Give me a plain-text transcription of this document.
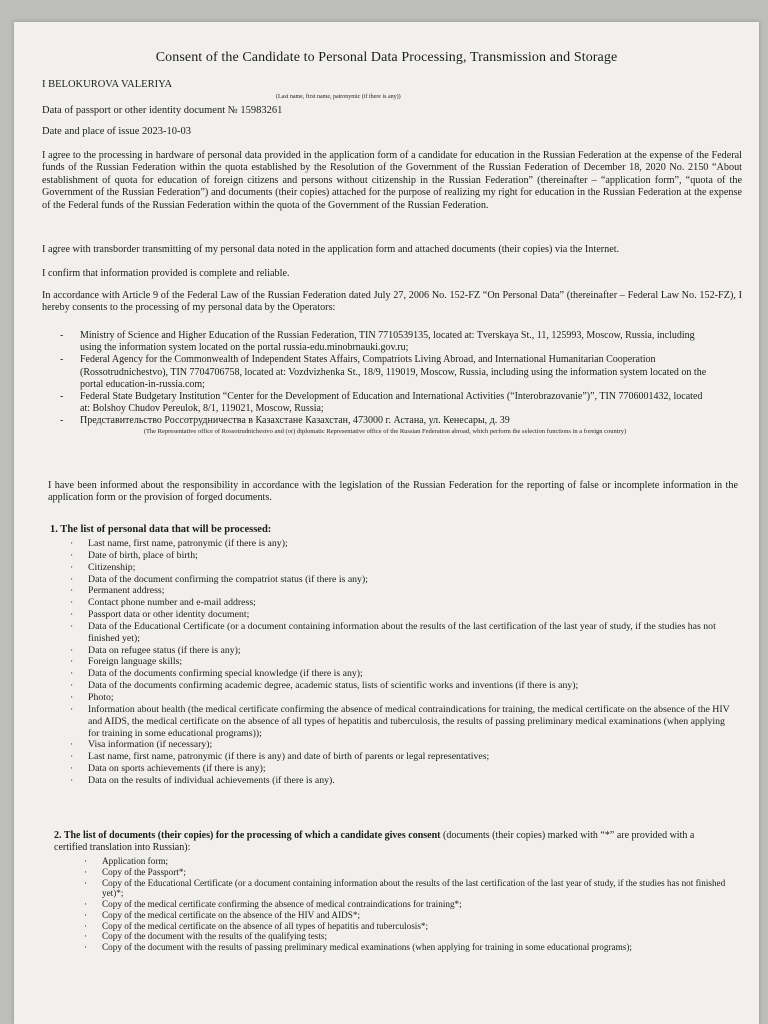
Consent of the Candidate to Personal Data Processing, Transmission and Storage
I BELOKUROVA VALERIYA
(Last name, first name, patronymic (if there is any))
Data of passport or other identity document № 15983261
Date and place of issue 2023-10-03
I agree to the processing in hardware of personal data provided in the application form of a candidate for education in the Russian Federation at the expense of the Federal funds of the Russian Federation within the quota established by the Resolution of the Government of the Russian Federation of December 18, 2020 No. 2150 “About establishment of quota for education of foreign citizens and persons without citizenship in the Russian Federation” (thereinafter – “application form”, “quota of the Government of the Russian Federation”) and documents (their copies) attached for the purpose of realizing my right for education in the Russian Federation at the expense of the Federal funds of the Russian Federation within the quota of the Government of the Russian Federation.
I agree with transborder transmitting of my personal data noted in the application form and attached documents (their copies) via the Internet.
I confirm that information provided is complete and reliable.
In accordance with Article 9 of the Federal Law of the Russian Federation dated July 27, 2006 No. 152-FZ “On Personal Data” (thereinafter – Federal Law No. 152-FZ), I hereby consents to the processing of my personal data by the Operators:
- Ministry of Science and Higher Education of the Russian Federation, TIN 7710539135, located at: Tverskaya St., 11, 125993, Moscow, Russia, including using the information system located on the portal russia-edu.minobrnauki.gov.ru;
- Federal Agency for the Commonwealth of Independent States Affairs, Compatriots Living Abroad, and International Humanitarian Cooperation (Rossotrudnichestvo), TIN 7704706758, located at: Vozdvizhenka St., 18/9, 119019, Moscow, Russia, including using the information system located on the portal education-in-russia.com;
- Federal State Budgetary Institution “Center for the Development of Education and International Activities (“Interobrazovanie”)”, TIN 7706001432, located at: Bolshoy Chudov Pereulok, 8/1, 119021, Moscow, Russia;
- Представительство Россотрудничества в Казахстане Казахстан, 473000 г. Астана, ул. Кенесары, д. 39
(The Representative office of Rossotrudnichestvo and (or) diplomatic Representative office of the Russian Federation abroad, which perform the selection functions in a foreign country)
I have been informed about the responsibility in accordance with the legislation of the Russian Federation for the reporting of false or incomplete information in the application form or the provision of forged documents.
1. The list of personal data that will be processed:
· Last name, first name, patronymic (if there is any);
· Date of birth, place of birth;
· Citizenship;
· Data of the document confirming the compatriot status (if there is any);
· Permanent address;
· Contact phone number and e-mail address;
· Passport data or other identity document;
· Data of the Educational Certificate (or a document containing information about the results of the last certification of the last year of study, if the studies has not finished yet);
· Data on refugee status (if there is any);
· Foreign language skills;
· Data of the documents confirming special knowledge (if there is any);
· Data of the documents confirming academic degree, academic status, lists of scientific works and inventions (if there is any);
· Photo;
· Information about health (the medical certificate confirming the absence of medical contraindications for training, the medical certificate on the absence of the HIV and AIDS, the medical certificate on the absence of all types of hepatitis and tuberculosis, the results of passing preliminary medical examinations (when applying for training in some educational programs));
· Visa information (if necessary);
· Last name, first name, patronymic (if there is any) and date of birth of parents or legal representatives;
· Data on sports achievements (if there is any);
· Data on the results of individual achievements (if there is any).
2. The list of documents (their copies) for the processing of which a candidate gives consent (documents (their copies) marked with “*” are provided with a certified translation into Russian):
· Application form;
· Copy of the Passport*;
· Copy of the Educational Certificate (or a document containing information about the results of the last certification of the last year of study, if the studies has not finished yet)*;
· Copy of the medical certificate confirming the absence of medical contraindications for training*;
· Copy of the medical certificate on the absence of the HIV and AIDS*;
· Copy of the medical certificate on the absence of all types of hepatitis and tuberculosis*;
· Copy of the document with the results of the qualifying tests;
· Copy of the document with the results of passing preliminary medical examinations (when applying for training in some educational programs);
